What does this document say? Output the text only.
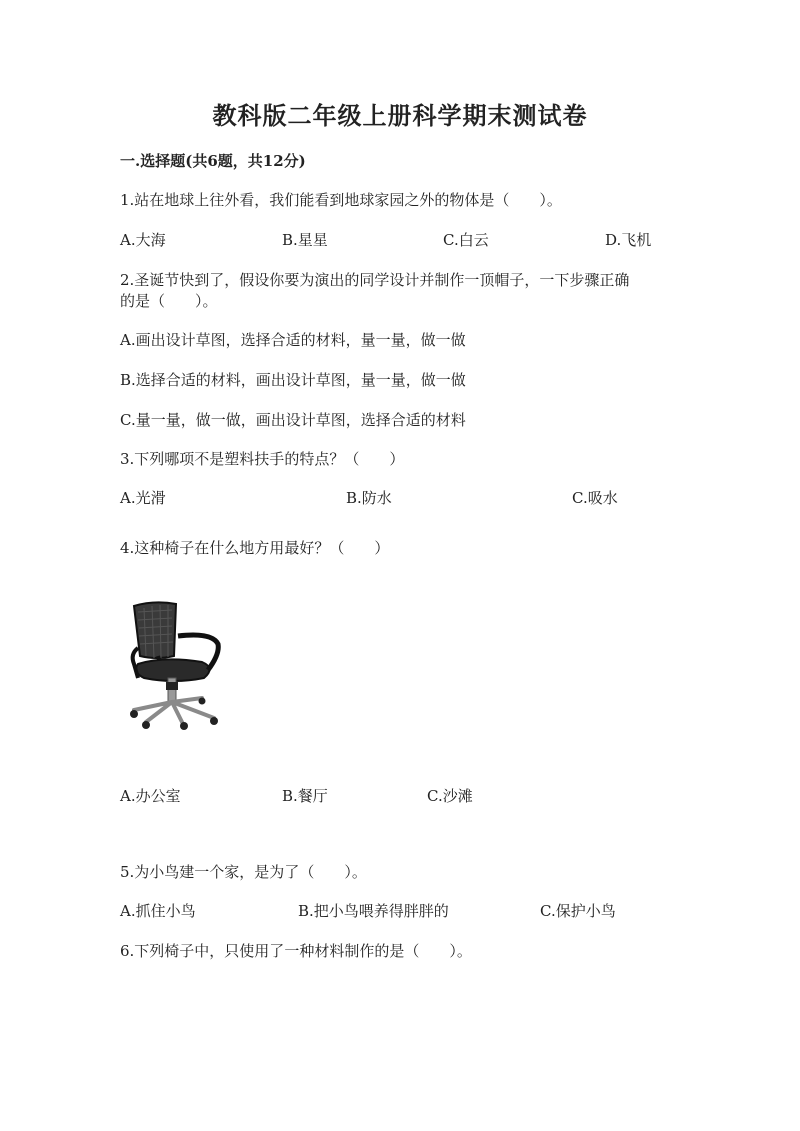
教科版二年级上册科学期末测试卷
一.选择题(共6题，共12分)
1.站在地球上往外看，我们能看到地球家园之外的物体是（　　）。
A.大海	B.星星	C.白云	D.飞机
2.圣诞节快到了，假设你要为演出的同学设计并制作一顶帽子，一下步骤正确
的是（　　）。
A.画出设计草图，选择合适的材料，量一量，做一做
B.选择合适的材料，画出设计草图，量一量，做一做
C.量一量，做一做，画出设计草图，选择合适的材料
3.下列哪项不是塑料扶手的特点？（　　）
A.光滑	B.防水	C.吸水
4.这种椅子在什么地方用最好？（　　）
A.办公室	B.餐厅	C.沙滩
5.为小鸟建一个家，是为了（　　）。
A.抓住小鸟	B.把小鸟喂养得胖胖的	C.保护小鸟
6.下列椅子中，只使用了一种材料制作的是（　　）。
